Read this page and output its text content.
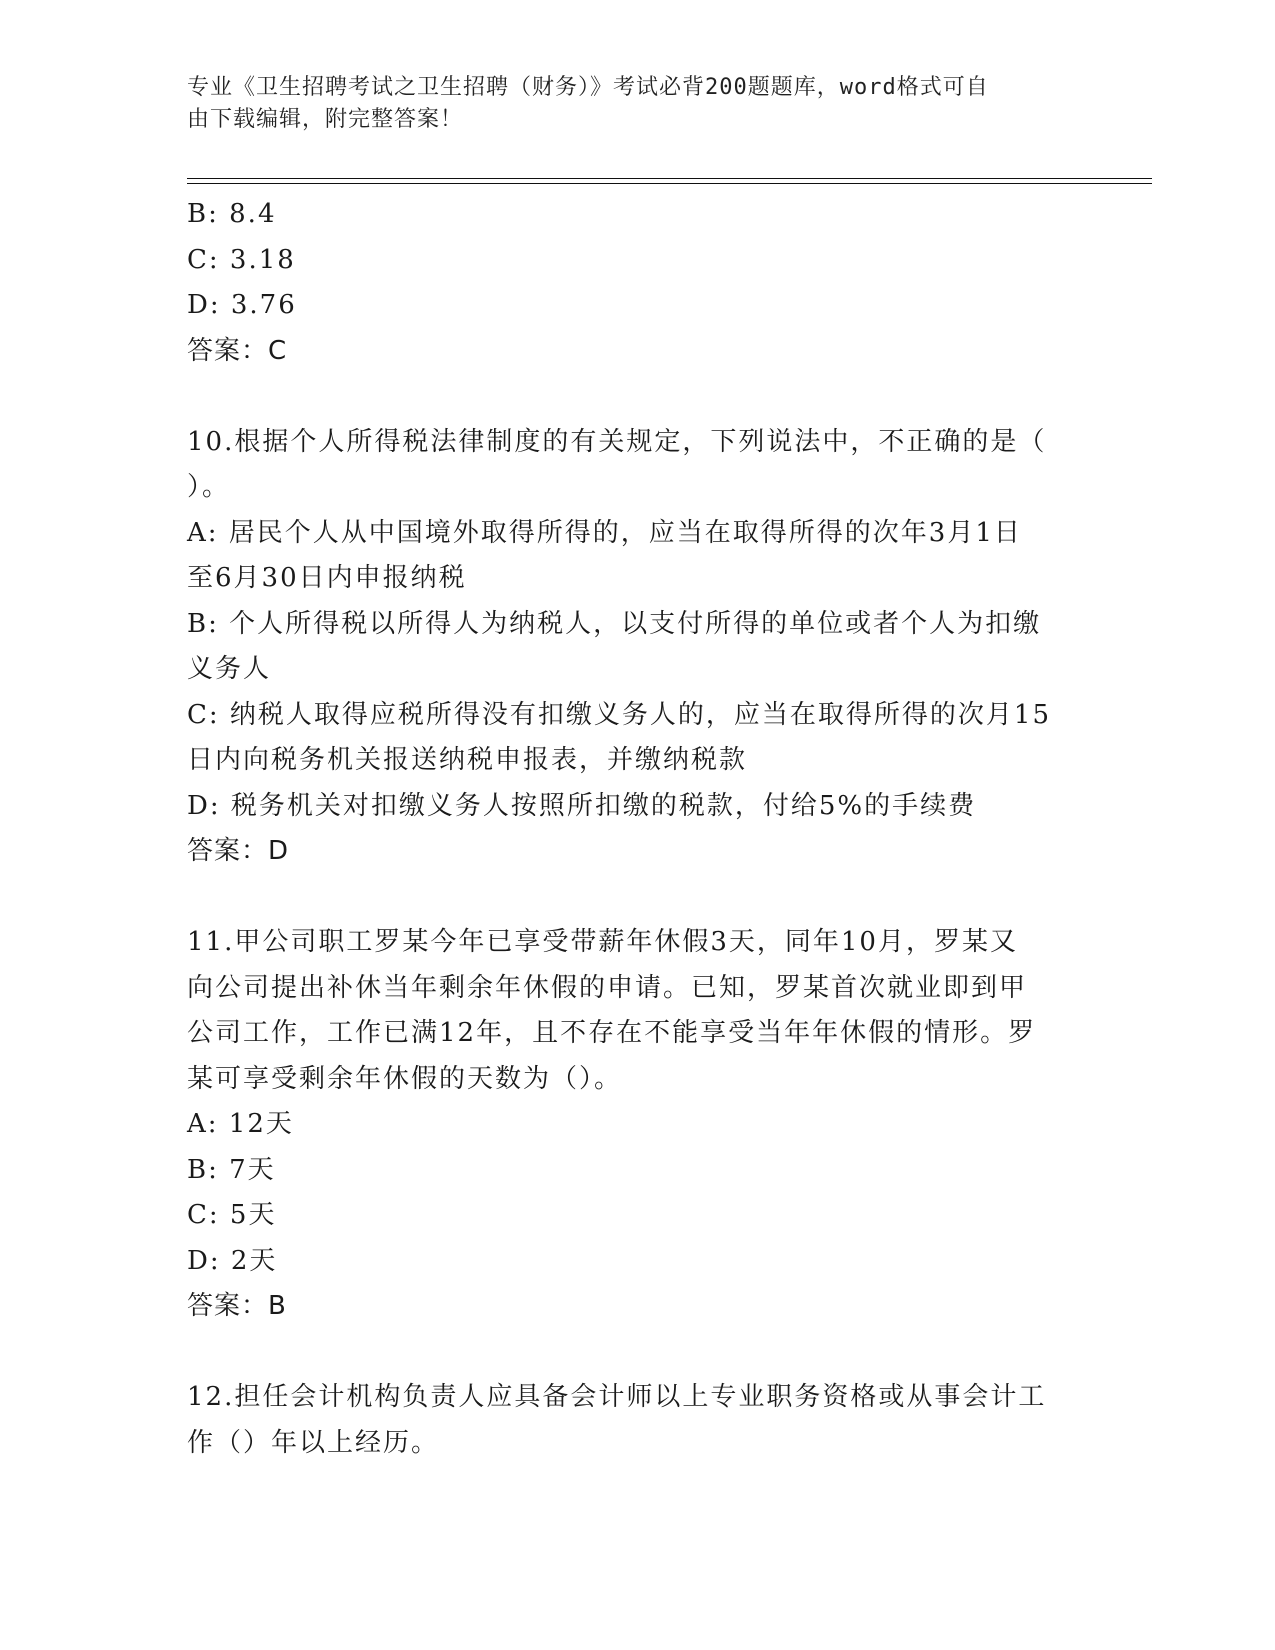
专业《卫生招聘考试之卫生招聘（财务）》考试必背200题题库，word格式可自
由下载编辑，附完整答案！
B: 8.4
C: 3.18
D: 3.76
答案：C
10.根据个人所得税法律制度的有关规定，下列说法中，不正确的是（
）。
A: 居民个人从中国境外取得所得的，应当在取得所得的次年3月1日
至6月30日内申报纳税
B: 个人所得税以所得人为纳税人，以支付所得的单位或者个人为扣缴
义务人
C: 纳税人取得应税所得没有扣缴义务人的，应当在取得所得的次月15
日内向税务机关报送纳税申报表，并缴纳税款
D: 税务机关对扣缴义务人按照所扣缴的税款，付给5%的手续费
答案：D
11.甲公司职工罗某今年已享受带薪年休假3天，同年10月，罗某又
向公司提出补休当年剩余年休假的申请。已知，罗某首次就业即到甲
公司工作，工作已满12年，且不存在不能享受当年年休假的情形。罗
某可享受剩余年休假的天数为（）。
A: 12天
B: 7天
C: 5天
D: 2天
答案：B
12.担任会计机构负责人应具备会计师以上专业职务资格或从事会计工
作（）年以上经历。
